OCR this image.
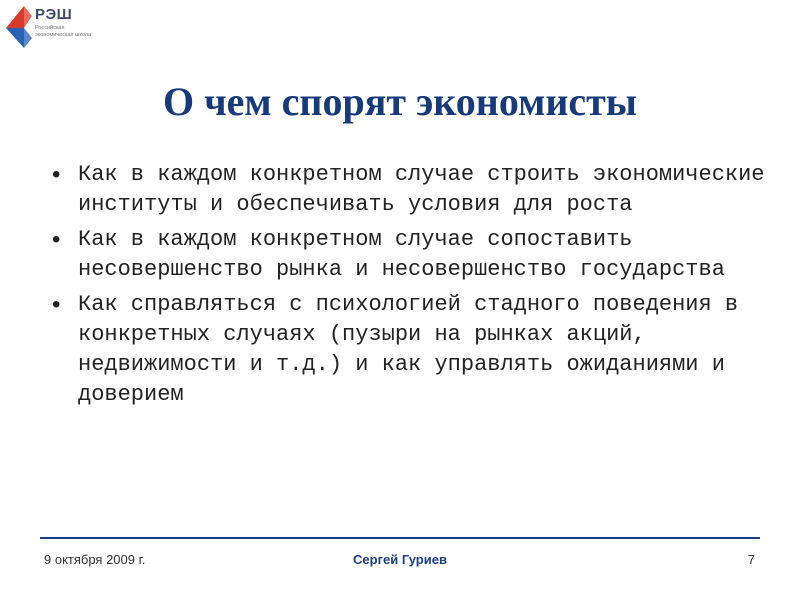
РЭШ
Российская экономическая школа
О чем спорят экономисты
• Как в каждом конкретном случае строить экономические институты и обеспечивать условия для роста
• Как в каждом конкретном случае сопоставить несовершенство рынка и несовершенство государства
• Как справляться с психологией стадного поведения в конкретных случаях (пузыри на рынках акций, недвижимости и т.д.) и как управлять ожиданиями и доверием
9 октября 2009 г.	Сергей Гуриев	7
